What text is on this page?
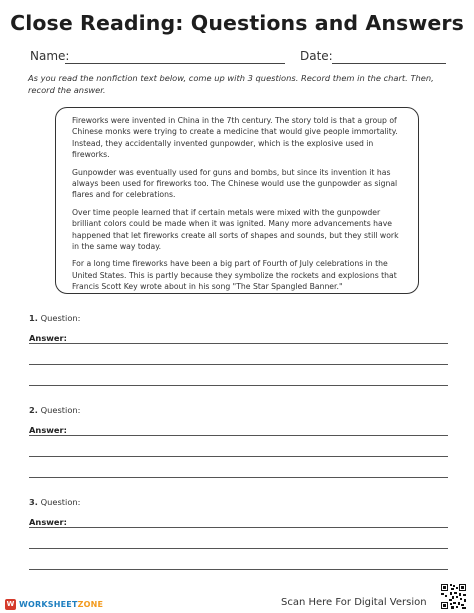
Close Reading: Questions and Answers
Name:	Date:
As you read the nonfiction text below, come up with 3 questions. Record them in the chart. Then, record the answer.

Fireworks were invented in China in the 7th century. The story told is that a group of Chinese monks were trying to create a medicine that would give people immortality. Instead, they accidentally invented gunpowder, which is the explosive used in fireworks.

Gunpowder was eventually used for guns and bombs, but since its invention it has always been used for fireworks too. The Chinese would use the gunpowder as signal flares and for celebrations.

Over time people learned that if certain metals were mixed with the gunpowder brilliant colors could be made when it was ignited. Many more advancements have happened that let fireworks create all sorts of shapes and sounds, but they still work in the same way today.

For a long time fireworks have been a big part of Fourth of July celebrations in the United States. This is partly because they symbolize the rockets and explosions that Francis Scott Key wrote about in his song "The Star Spangled Banner."

1. Question:
Answer:
2. Question:
Answer:
3. Question:
Answer:
W WORKSHEETZONE	Scan Here For Digital Version
